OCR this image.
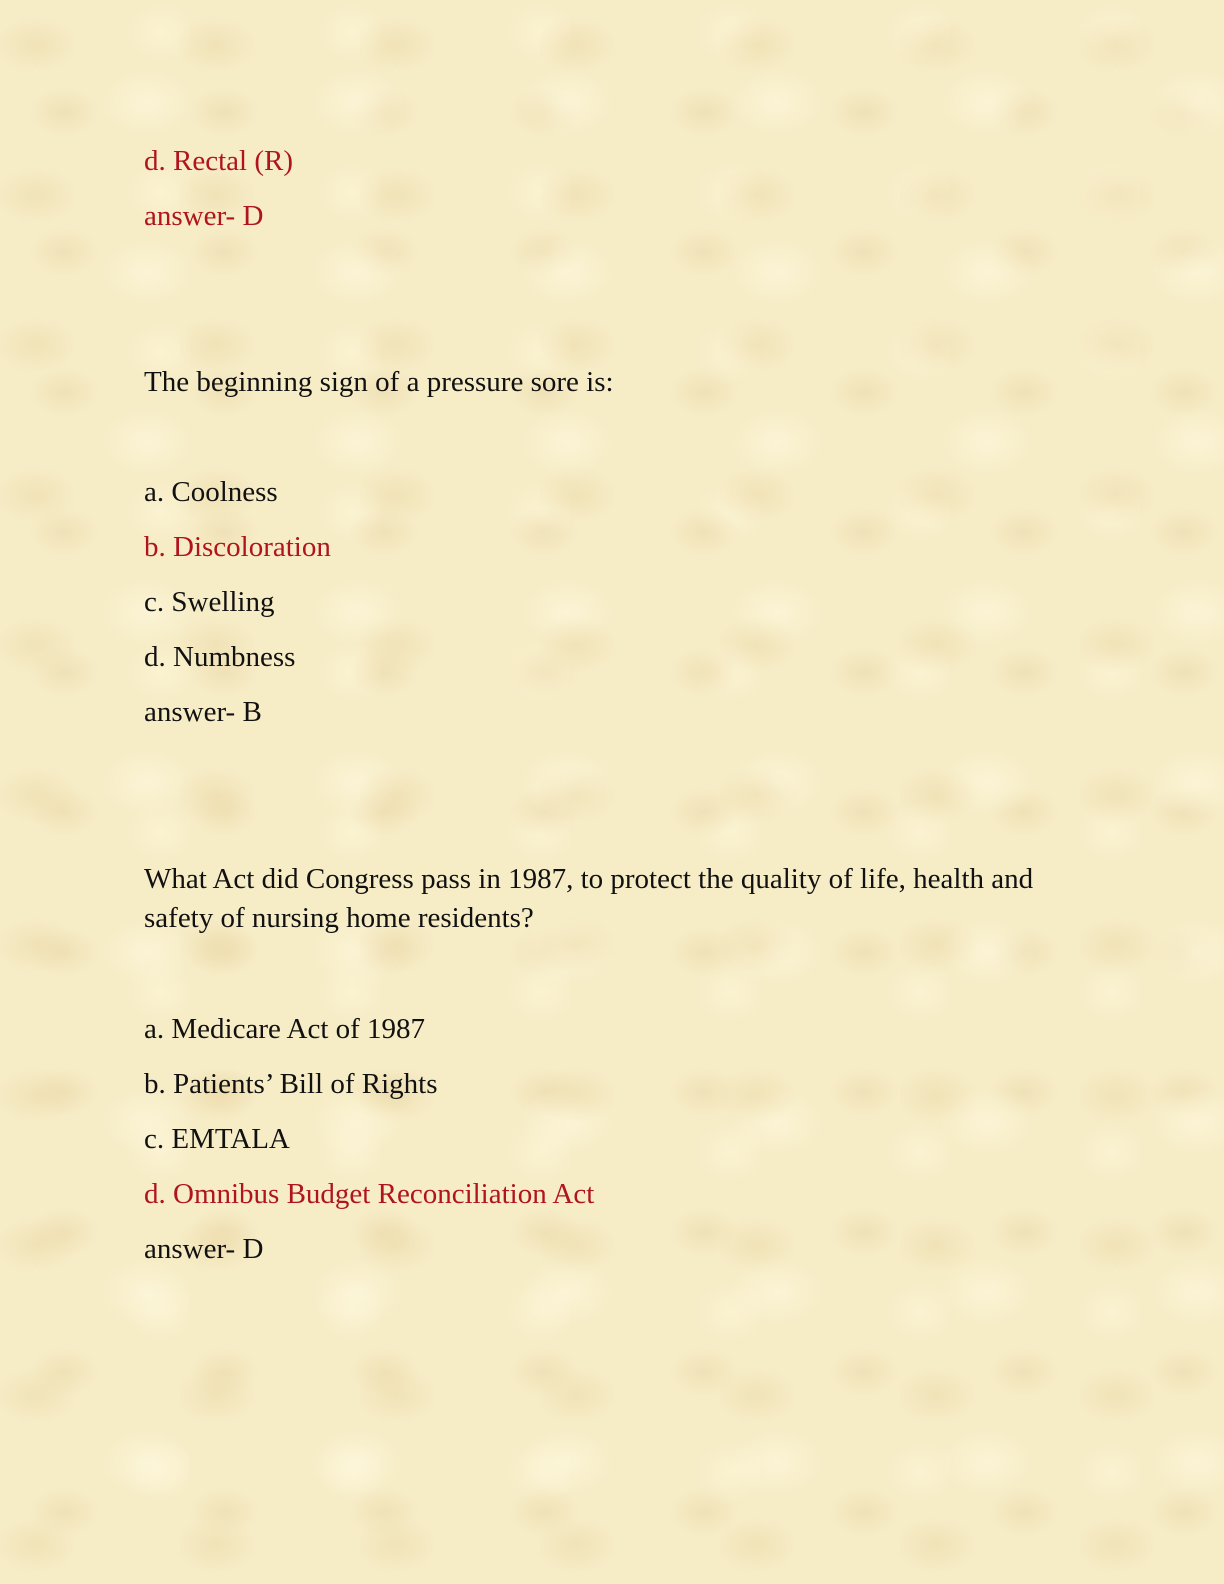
d. Rectal (R)

answer- D

The beginning sign of a pressure sore is:

a. Coolness

b. Discoloration

c. Swelling

d. Numbness

answer- B

What Act did Congress pass in 1987, to protect the quality of life, health and safety of nursing home residents?

a. Medicare Act of 1987

b. Patients’ Bill of Rights

c. EMTALA

d. Omnibus Budget Reconciliation Act

answer- D
